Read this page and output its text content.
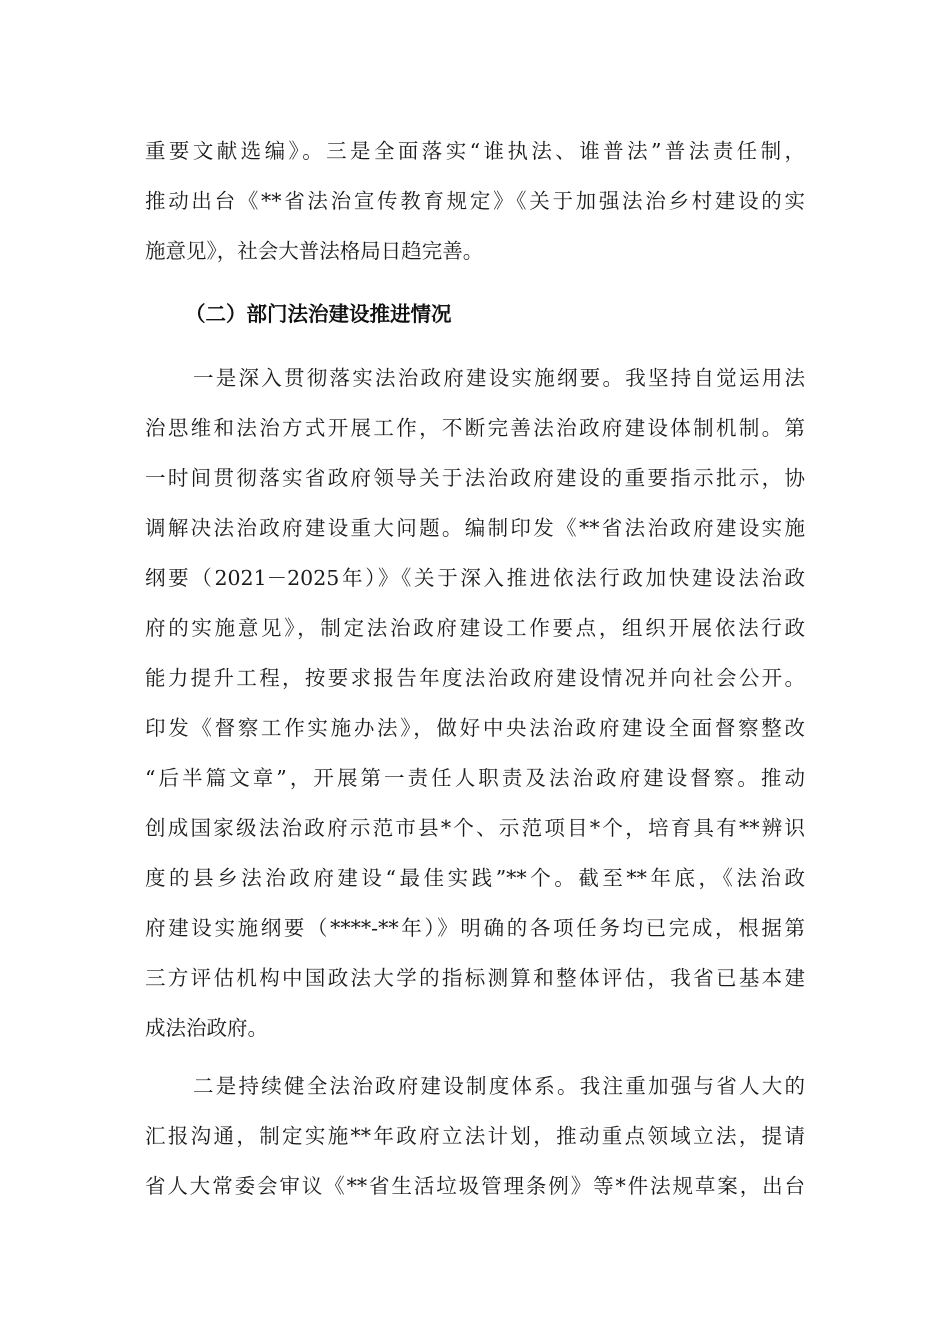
重要文献选编》。三是全面落实“谁执法、谁普法”普法责任制，
推动出台《**省法治宣传教育规定》《关于加强法治乡村建设的实
施意见》，社会大普法格局日趋完善。
（二）部门法治建设推进情况
一是深入贯彻落实法治政府建设实施纲要。我坚持自觉运用法
治思维和法治方式开展工作，不断完善法治政府建设体制机制。第
一时间贯彻落实省政府领导关于法治政府建设的重要指示批示，协
调解决法治政府建设重大问题。编制印发《**省法治政府建设实施
纲要（2021－2025年）》《关于深入推进依法行政加快建设法治政
府的实施意见》，制定法治政府建设工作要点，组织开展依法行政
能力提升工程，按要求报告年度法治政府建设情况并向社会公开。
印发《督察工作实施办法》，做好中央法治政府建设全面督察整改
“后半篇文章”，开展第一责任人职责及法治政府建设督察。推动
创成国家级法治政府示范市县*个、示范项目*个，培育具有**辨识
度的县乡法治政府建设“最佳实践”**个。截至**年底，《法治政
府建设实施纲要（****-**年）》明确的各项任务均已完成，根据第
三方评估机构中国政法大学的指标测算和整体评估，我省已基本建
成法治政府。
二是持续健全法治政府建设制度体系。我注重加强与省人大的
汇报沟通，制定实施**年政府立法计划，推动重点领域立法，提请
省人大常委会审议《**省生活垃圾管理条例》等*件法规草案，出台
